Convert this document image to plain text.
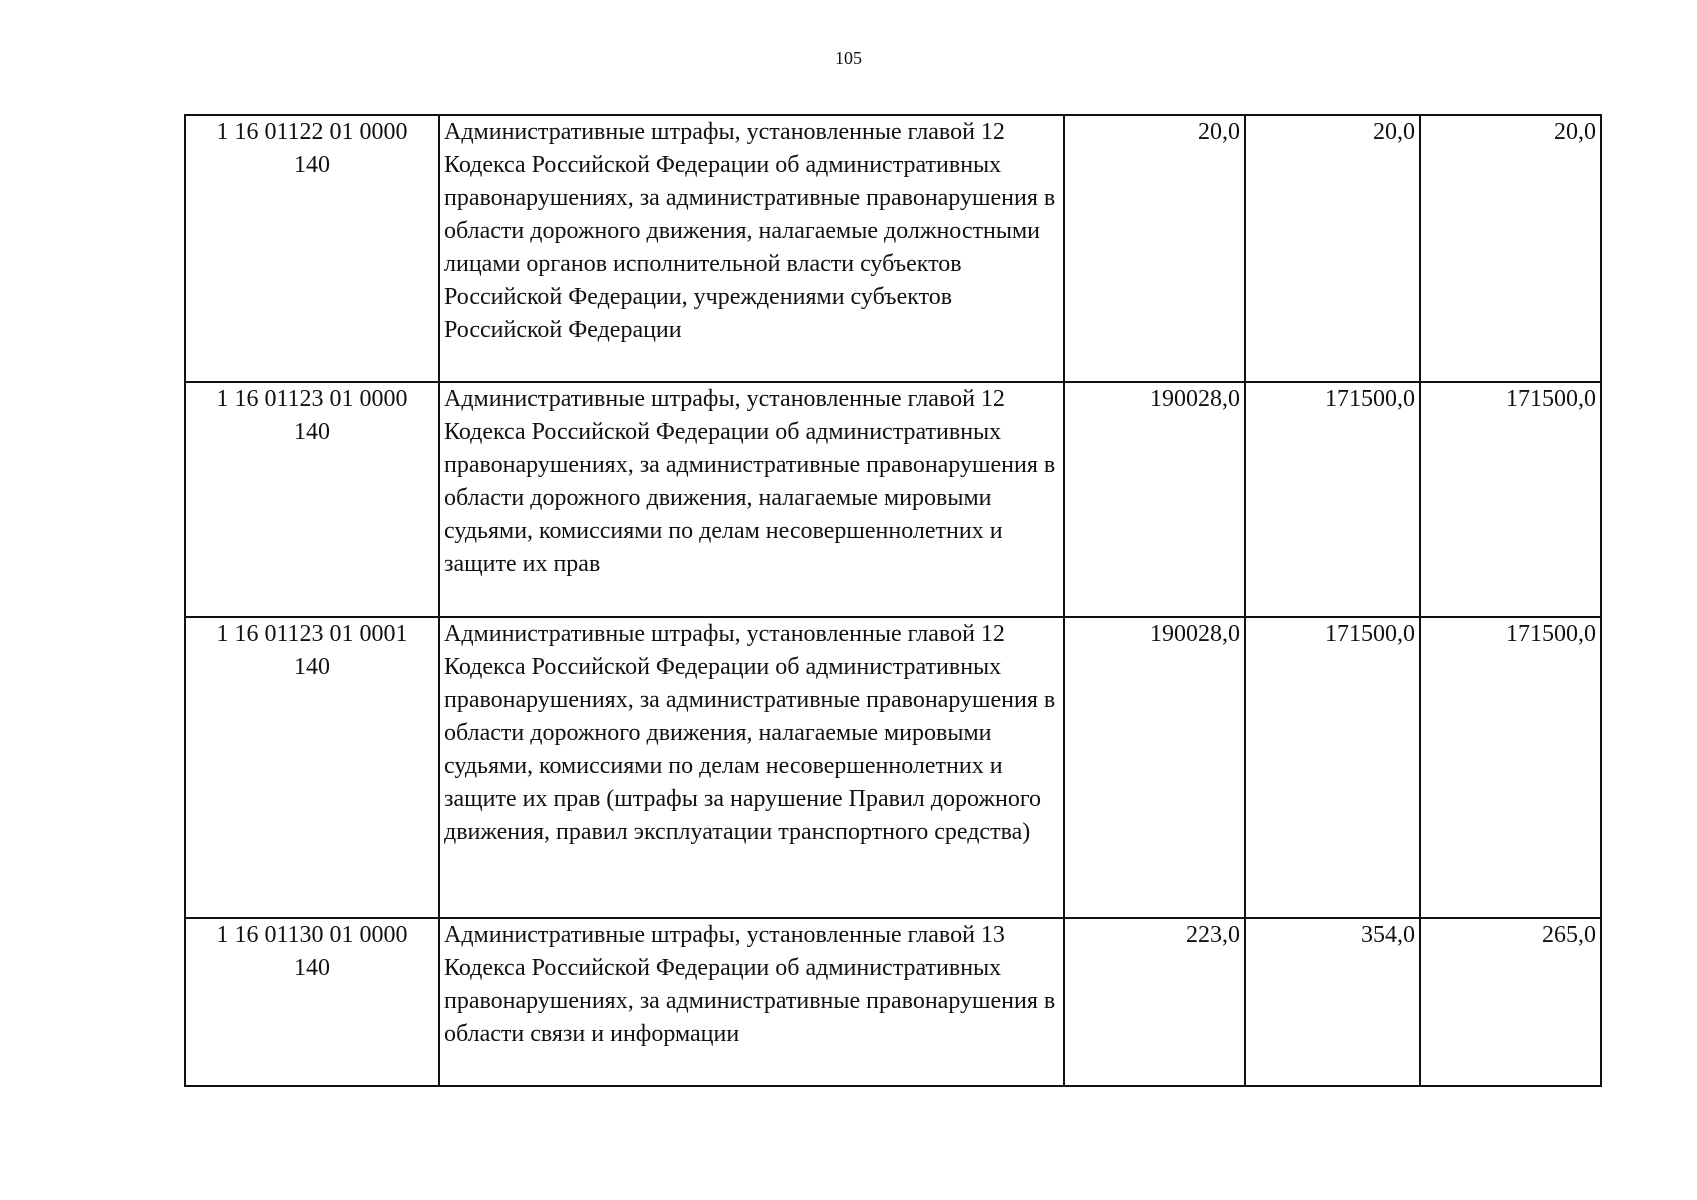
105
1 16 01122 01 0000
140	Административные штрафы, установленные главой 12 Кодекса Российской Федерации об административных правонарушениях, за административные правонарушения в области дорожного движения, налагаемые должностными лицами органов исполнительной власти субъектов Российской Федерации, учреждениями субъектов Российской Федерации	20,0	20,0	20,0

1 16 01123 01 0000
140	Административные штрафы, установленные главой 12 Кодекса Российской Федерации об административных правонарушениях, за административные правонарушения в области дорожного движения, налагаемые мировыми судьями, комиссиями по делам несовершеннолетних и защите их прав	190028,0	171500,0	171500,0

1 16 01123 01 0001
140	Административные штрафы, установленные главой 12 Кодекса Российской Федерации об административных правонарушениях, за административные правонарушения в области дорожного движения, налагаемые мировыми судьями, комиссиями по делам несовершеннолетних и защите их прав (штрафы за нарушение Правил дорожного движения, правил эксплуатации транспортного средства)	190028,0	171500,0	171500,0

1 16 01130 01 0000
140	Административные штрафы, установленные главой 13 Кодекса Российской Федерации об административных правонарушениях, за административные правонарушения в области связи и информации	223,0	354,0	265,0
